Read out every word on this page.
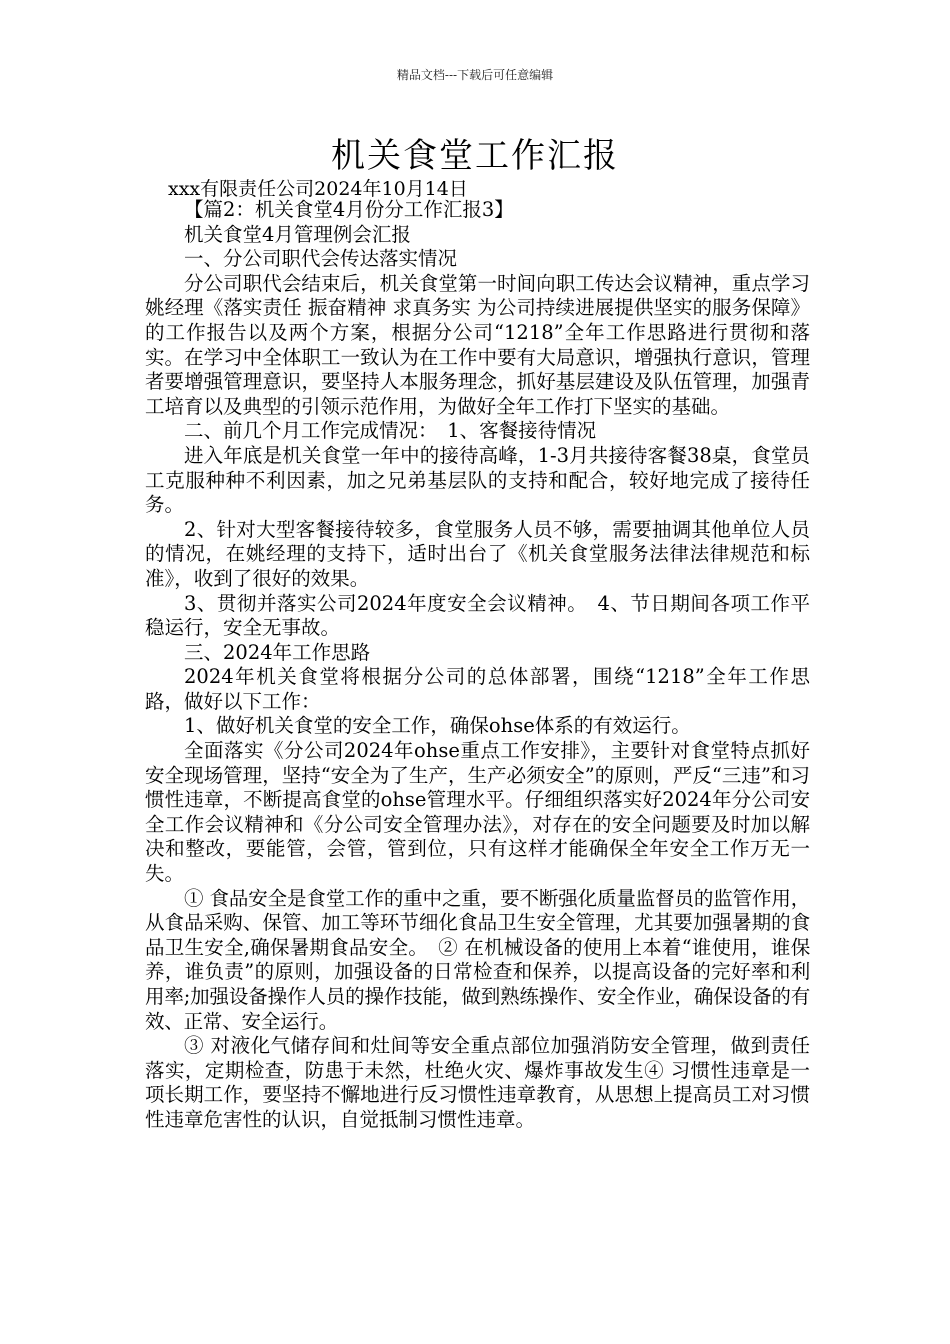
精品文档---下载后可任意编辑
机关食堂工作汇报
xxx有限责任公司2024年10月14日

【篇2：机关食堂4月份分工作汇报3】

机关食堂4月管理例会汇报

一、分公司职代会传达落实情况

分公司职代会结束后，机关食堂第一时间向职工传达会议精神，重点学习姚经理《落实责任 振奋精神 求真务实 为公司持续进展提供坚实的服务保障》的工作报告以及两个方案，根据分公司“1218”全年工作思路进行贯彻和落实。在学习中全体职工一致认为在工作中要有大局意识，增强执行意识，管理者要增强管理意识，要坚持人本服务理念，抓好基层建设及队伍管理，加强青工培育以及典型的引领示范作用，为做好全年工作打下坚实的基础。

二、前几个月工作完成情况：　1、客餐接待情况

进入年底是机关食堂一年中的接待高峰，1-3月共接待客餐38桌，食堂员工克服种种不利因素，加之兄弟基层队的支持和配合，较好地完成了接待任务。

2、针对大型客餐接待较多，食堂服务人员不够，需要抽调其他单位人员的情况，在姚经理的支持下，适时出台了《机关食堂服务法律法律规范和标准》，收到了很好的效果。

3、贯彻并落实公司2024年度安全会议精神。　4、节日期间各项工作平稳运行，安全无事故。

三、2024年工作思路

2024年机关食堂将根据分公司的总体部署，围绕“1218”全年工作思路，做好以下工作：

1、做好机关食堂的安全工作，确保ohse体系的有效运行。

全面落实《分公司2024年ohse重点工作安排》，主要针对食堂特点抓好安全现场管理，坚持“安全为了生产，生产必须安全”的原则，严反“三违”和习惯性违章，不断提高食堂的ohse管理水平。仔细组织落实好2024年分公司安全工作会议精神和《分公司安全管理办法》，对存在的安全问题要及时加以解决和整改，要能管，会管，管到位，只有这样才能确保全年安全工作万无一失。

① 食品安全是食堂工作的重中之重，要不断强化质量监督员的监管作用，从食品采购、保管、加工等环节细化食品卫生安全管理，尤其要加强暑期的食品卫生安全,确保暑期食品安全。　② 在机械设备的使用上本着“谁使用，谁保养，谁负责”的原则，加强设备的日常检查和保养，以提高设备的完好率和利用率;加强设备操作人员的操作技能，做到熟练操作、安全作业，确保设备的有效、正常、安全运行。

③ 对液化气储存间和灶间等安全重点部位加强消防安全管理，做到责任落实，定期检查，防患于未然，杜绝火灾、爆炸事故发生④ 习惯性违章是一项长期工作，要坚持不懈地进行反习惯性违章教育，从思想上提高员工对习惯性违章危害性的认识，自觉抵制习惯性违章。
